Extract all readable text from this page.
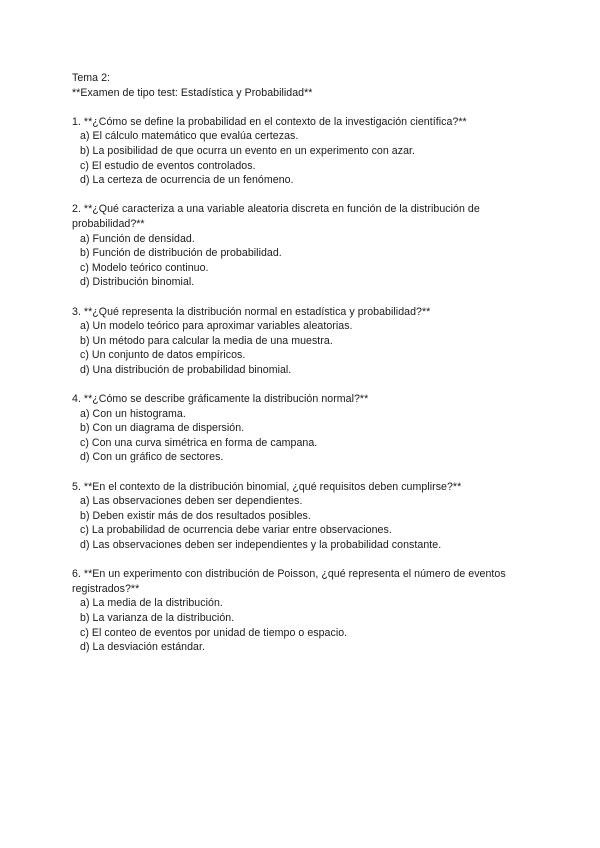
Tema 2:
**Examen de tipo test: Estadística y Probabilidad**
1. **¿Cómo se define la probabilidad en el contexto de la investigación científica?**
a) El cálculo matemático que evalúa certezas.
b) La posibilidad de que ocurra un evento en un experimento con azar.
c) El estudio de eventos controlados.
d) La certeza de ocurrencia de un fenómeno.
2. **¿Qué caracteriza a una variable aleatoria discreta en función de la distribución de probabilidad?**
a) Función de densidad.
b) Función de distribución de probabilidad.
c) Modelo teórico continuo.
d) Distribución binomial.
3. **¿Qué representa la distribución normal en estadística y probabilidad?**
a) Un modelo teórico para aproximar variables aleatorias.
b) Un método para calcular la media de una muestra.
c) Un conjunto de datos empíricos.
d) Una distribución de probabilidad binomial.
4. **¿Cómo se describe gráficamente la distribución normal?**
a) Con un histograma.
b) Con un diagrama de dispersión.
c) Con una curva simétrica en forma de campana.
d) Con un gráfico de sectores.
5. **En el contexto de la distribución binomial, ¿qué requisitos deben cumplirse?**
a) Las observaciones deben ser dependientes.
b) Deben existir más de dos resultados posibles.
c) La probabilidad de ocurrencia debe variar entre observaciones.
d) Las observaciones deben ser independientes y la probabilidad constante.
6. **En un experimento con distribución de Poisson, ¿qué representa el número de eventos registrados?**
a) La media de la distribución.
b) La varianza de la distribución.
c) El conteo de eventos por unidad de tiempo o espacio.
d) La desviación estándar.
